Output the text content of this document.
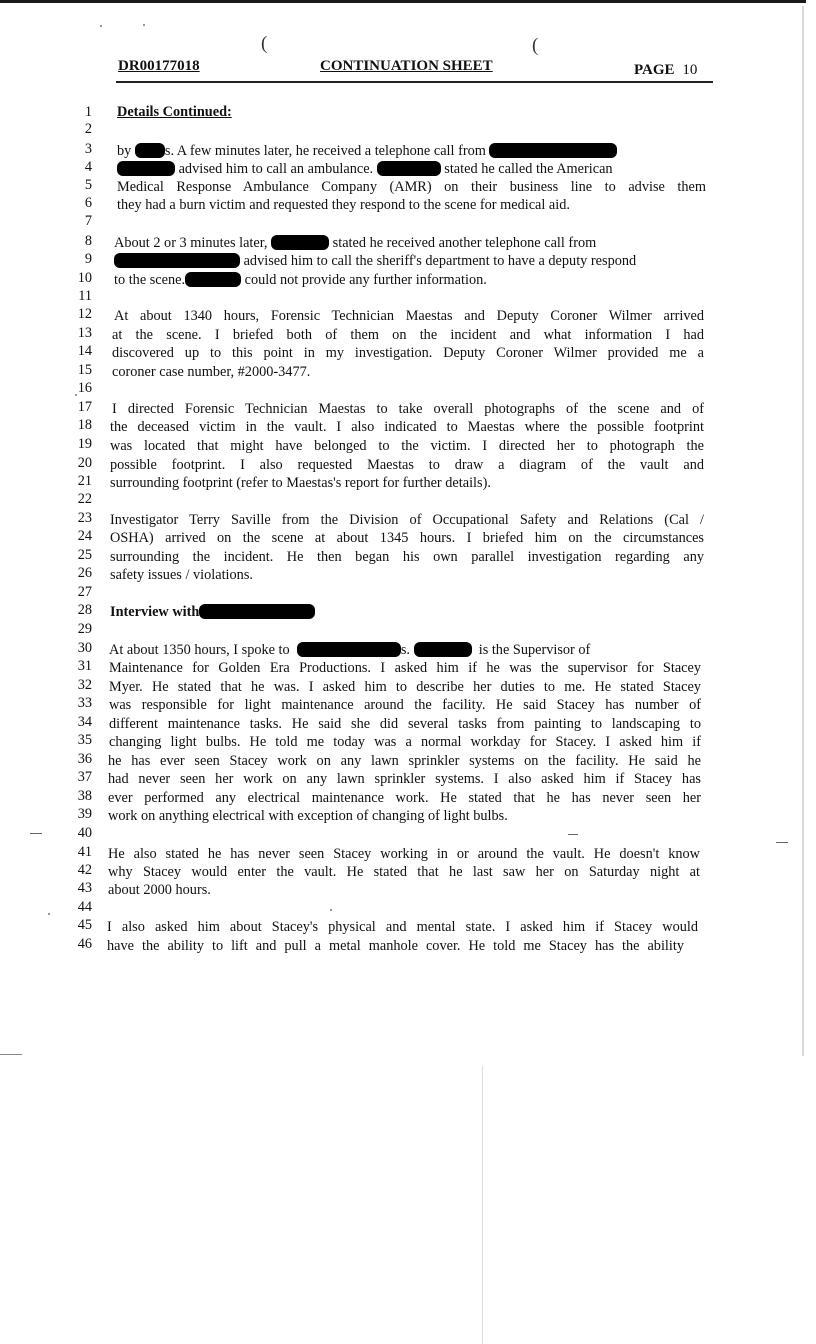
(	(
DR00177018	CONTINUATION SHEET	PAGE 10
1
2
3
4
5
6
7
8
9
10
11
12
13
14
15
16
17
18
19
20
21
22
23
24
25
26
27
28
29
30
31
32
33
34
35
36
37
38
39
40
41
42
43
44
45
46
Details Continued:
by s. A few minutes later, he received a telephone call from
advised him to call an ambulance.	stated he called the American
Medical Response Ambulance Company (AMR) on their business line to advise them
they had a burn victim and requested they respond to the scene for medical aid.
About 2 or 3 minutes later,	stated he received another telephone call from
advised him to call the sheriff's department to have a deputy respond
to the scene.	could not provide any further information.
At about 1340 hours, Forensic Technician Maestas and Deputy Coroner Wilmer arrived
at the scene. I briefed both of them on the incident and what information I had
discovered up to this point in my investigation. Deputy Coroner Wilmer provided me a
coroner case number, #2000-3477.
I directed Forensic Technician Maestas to take overall photographs of the scene and of
the deceased victim in the vault. I also indicated to Maestas where the possible footprint
was located that might have belonged to the victim. I directed her to photograph the
possible footprint. I also requested Maestas to draw a diagram of the vault and
surrounding footprint (refer to Maestas's report for further details).
Investigator Terry Saville from the Division of Occupational Safety and Relations (Cal /
OSHA) arrived on the scene at about 1345 hours. I briefed him on the circumstances
surrounding the incident. He then began his own parallel investigation regarding any
safety issues / violations.
Interview with
At about 1350 hours, I spoke to	s.	is the Supervisor of
Maintenance for Golden Era Productions. I asked him if he was the supervisor for Stacey
Myer. He stated that he was. I asked him to describe her duties to me. He stated Stacey
was responsible for light maintenance around the facility. He said Stacey has number of
different maintenance tasks. He said she did several tasks from painting to landscaping to
changing light bulbs. He told me today was a normal workday for Stacey. I asked him if
he has ever seen Stacey work on any lawn sprinkler systems on the facility. He said he
had never seen her work on any lawn sprinkler systems. I also asked him if Stacey has
ever performed any electrical maintenance work. He stated that he has never seen her
work on anything electrical with exception of changing of light bulbs.
He also stated he has never seen Stacey working in or around the vault. He doesn't know
why Stacey would enter the vault. He stated that he last saw her on Saturday night at
about 2000 hours.
I also asked him about Stacey's physical and mental state. I asked him if Stacey would
have the ability to lift and pull a metal manhole cover. He told me Stacey has the ability
